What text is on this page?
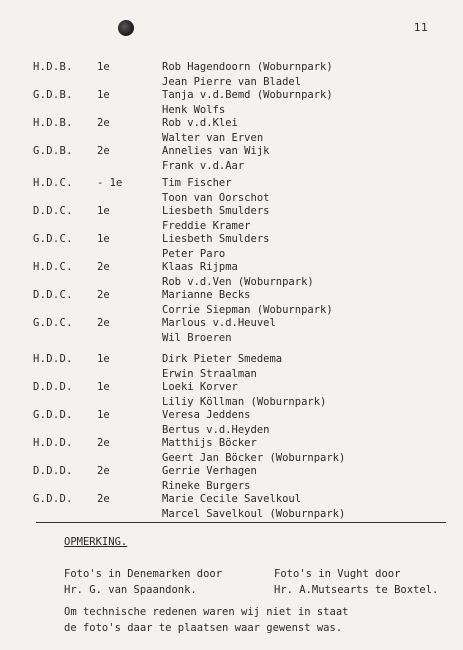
11
H.D.B. 1e	Rob Hagendoorn (Woburnpark)
Jean Pierre van Bladel
G.D.B. 1e	Tanja v.d.Bemd (Woburnpark)
Henk Wolfs
H.D.B. 2e	Rob v.d.Klei
Walter van Erven
G.D.B. 2e	Annelies van Wijk
Frank v.d.Aar
H.D.C. - 1e	Tim Fischer
Toon van Oorschot
D.D.C. 1e	Liesbeth Smulders
Freddie Kramer
G.D.C. 1e	Liesbeth Smulders
Peter Paro
H.D.C. 2e	Klaas Rijpma
Rob v.d.Ven (Woburnpark)
D.D.C. 2e	Marianne Becks
Corrie Siepman (Woburnpark)
G.D.C. 2e	Marlous v.d.Heuvel
Wil Broeren
H.D.D. 1e	Dirk Pieter Smedema
Erwin Straalman
D.D.D. 1e	Loeki Korver
Liliy Köllman (Woburnpark)
G.D.D. 1e	Veresa Jeddens
Bertus v.d.Heyden
H.D.D. 2e	Matthijs Böcker
Geert Jan Böcker (Woburnpark)
D.D.D. 2e	Gerrie Verhagen
Rineke Burgers
G.D.D. 2e	Marie Cecile Savelkoul
Marcel Savelkoul (Woburnpark)
OPMERKING.
Foto's in Denemarken door
Hr. G. van Spaandonk.
Foto's in Vught door
Hr. A.Mutsearts te Boxtel.
Om technische redenen waren wij niet in staat
de foto's daar te plaatsen waar gewenst was.
